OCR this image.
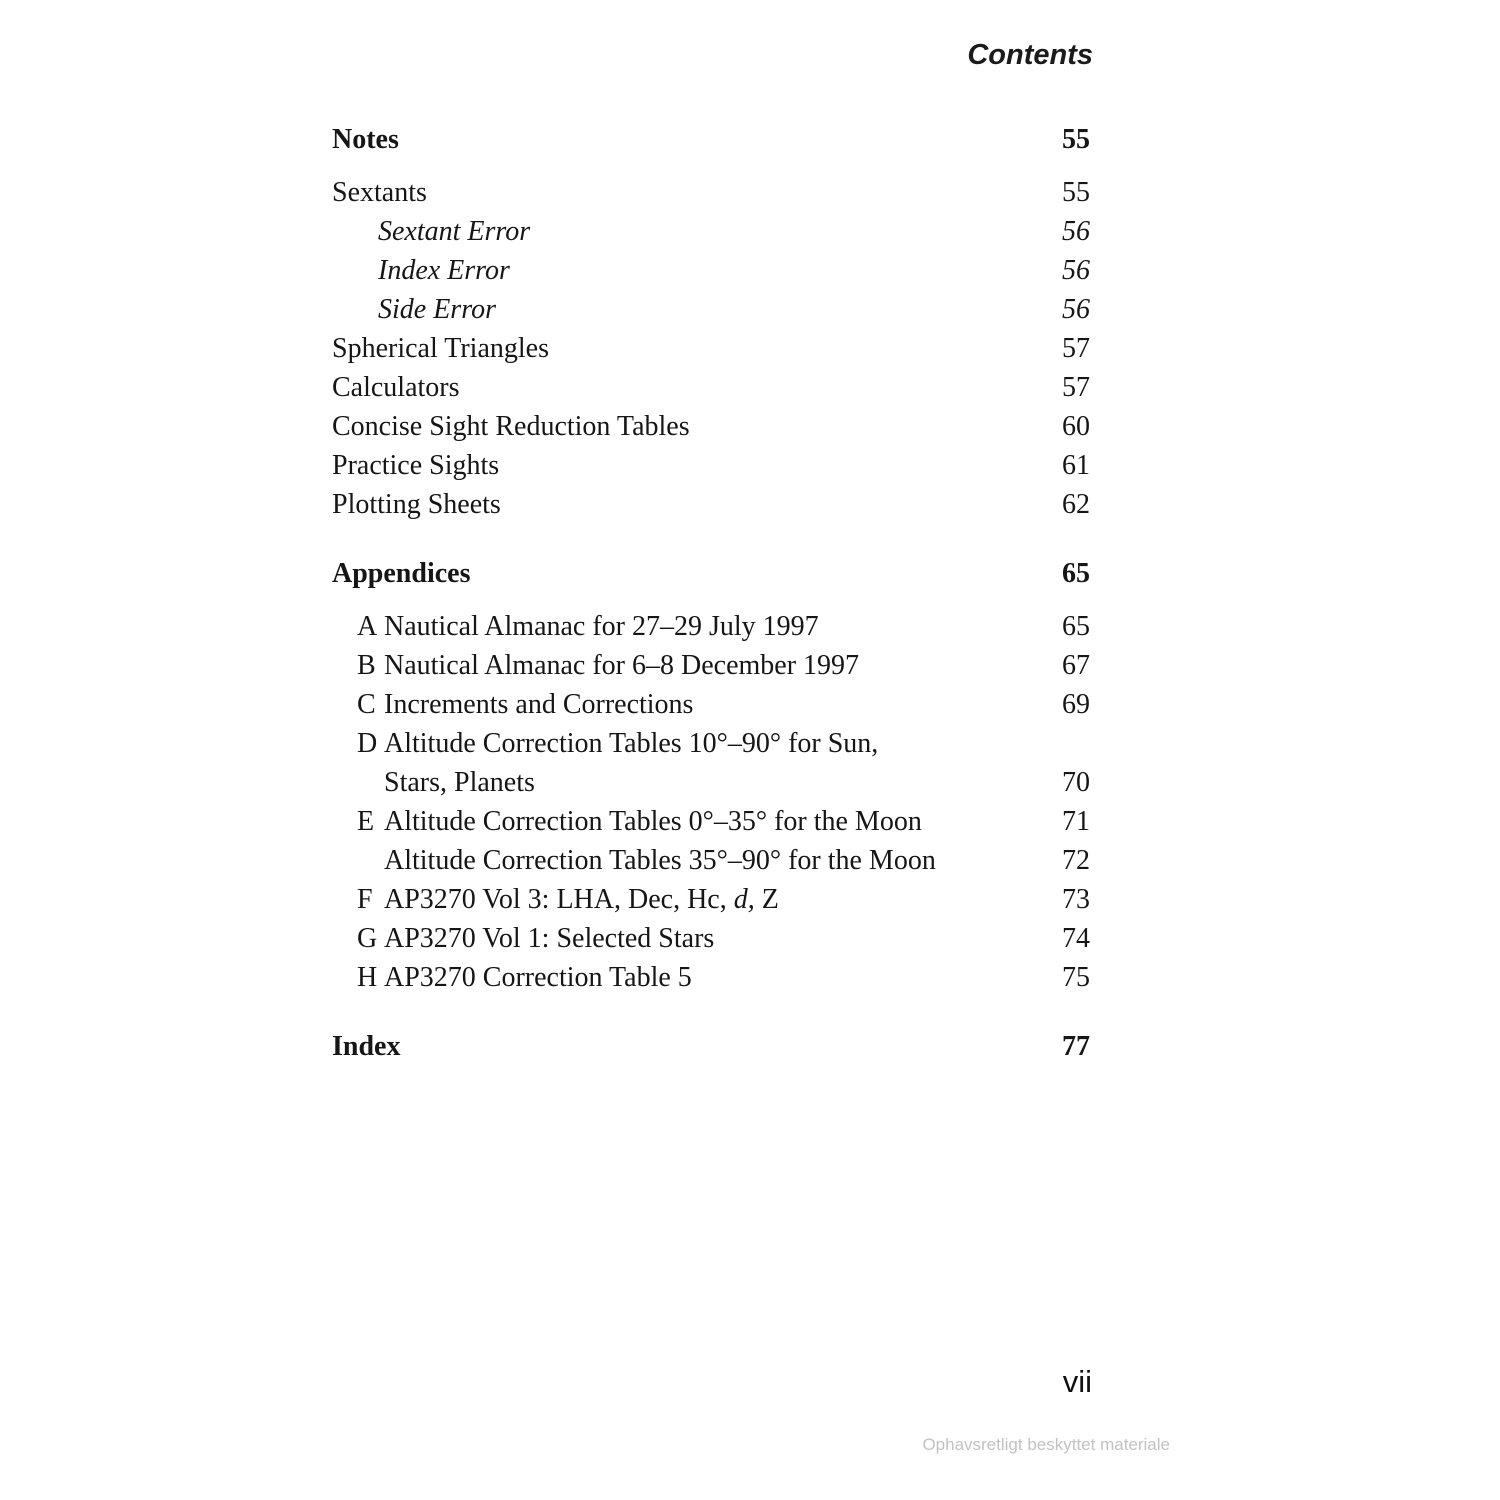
Contents
Notes	55
Sextants	55
Sextant Error	56
Index Error	56
Side Error	56
Spherical Triangles	57
Calculators	57
Concise Sight Reduction Tables	60
Practice Sights	61
Plotting Sheets	62
Appendices	65
A Nautical Almanac for 27–29 July 1997	65
B Nautical Almanac for 6–8 December 1997	67
C Increments and Corrections	69
D Altitude Correction Tables 10°–90° for Sun,
Stars, Planets	70
E Altitude Correction Tables 0°–35° for the Moon	71
Altitude Correction Tables 35°–90° for the Moon	72
F AP3270 Vol 3: LHA, Dec, Hc, d, Z	73
G AP3270 Vol 1: Selected Stars	74
H AP3270 Correction Table 5	75
Index	77
vii
Ophavsretligt beskyttet materiale
